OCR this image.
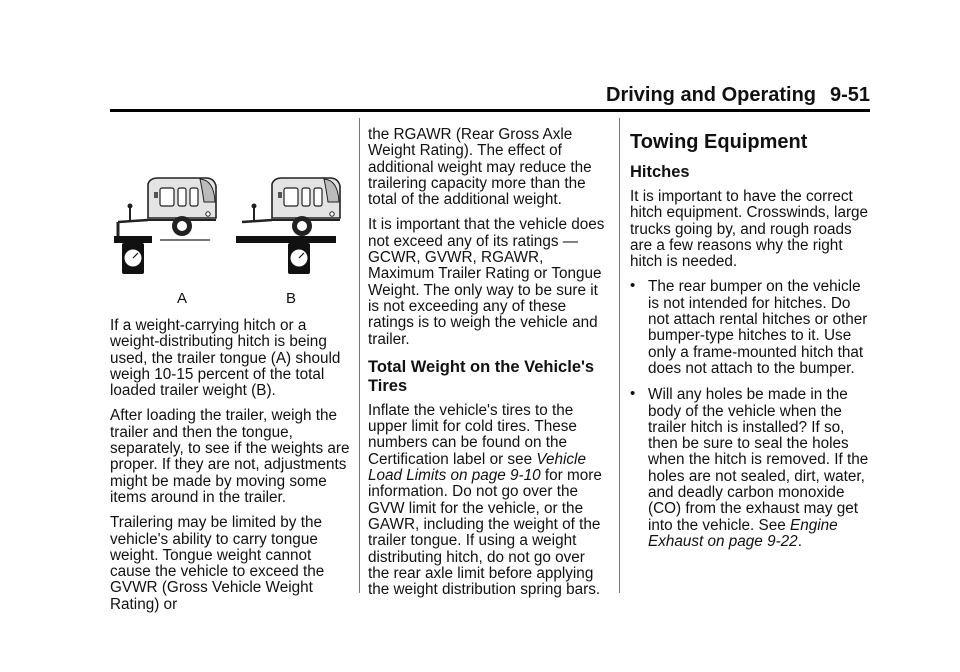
Driving and Operating 9-51
A	B

If a weight-carrying hitch or a weight-distributing hitch is being used, the trailer tongue (A) should weigh 10-15 percent of the total loaded trailer weight (B).

After loading the trailer, weigh the trailer and then the tongue, separately, to see if the weights are proper. If they are not, adjustments might be made by moving some items around in the trailer.

Trailering may be limited by the vehicle's ability to carry tongue weight. Tongue weight cannot cause the vehicle to exceed the GVWR (Gross Vehicle Weight Rating) or

the RGAWR (Rear Gross Axle Weight Rating). The effect of additional weight may reduce the trailering capacity more than the total of the additional weight.

It is important that the vehicle does not exceed any of its ratings — GCWR, GVWR, RGAWR, Maximum Trailer Rating or Tongue Weight. The only way to be sure it is not exceeding any of these ratings is to weigh the vehicle and trailer.

Total Weight on the Vehicle's Tires

Inflate the vehicle's tires to the upper limit for cold tires. These numbers can be found on the Certification label or see Vehicle Load Limits on page 9-10 for more information. Do not go over the GVW limit for the vehicle, or the GAWR, including the weight of the trailer tongue. If using a weight distributing hitch, do not go over the rear axle limit before applying the weight distribution spring bars.

Towing Equipment
Hitches

It is important to have the correct hitch equipment. Crosswinds, large trucks going by, and rough roads are a few reasons why the right hitch is needed.

• The rear bumper on the vehicle is not intended for hitches. Do not attach rental hitches or other bumper-type hitches to it. Use only a frame-mounted hitch that does not attach to the bumper.
• Will any holes be made in the body of the vehicle when the trailer hitch is installed? If so, then be sure to seal the holes when the hitch is removed. If the holes are not sealed, dirt, water, and deadly carbon monoxide (CO) from the exhaust may get into the vehicle. See Engine Exhaust on page 9-22.
